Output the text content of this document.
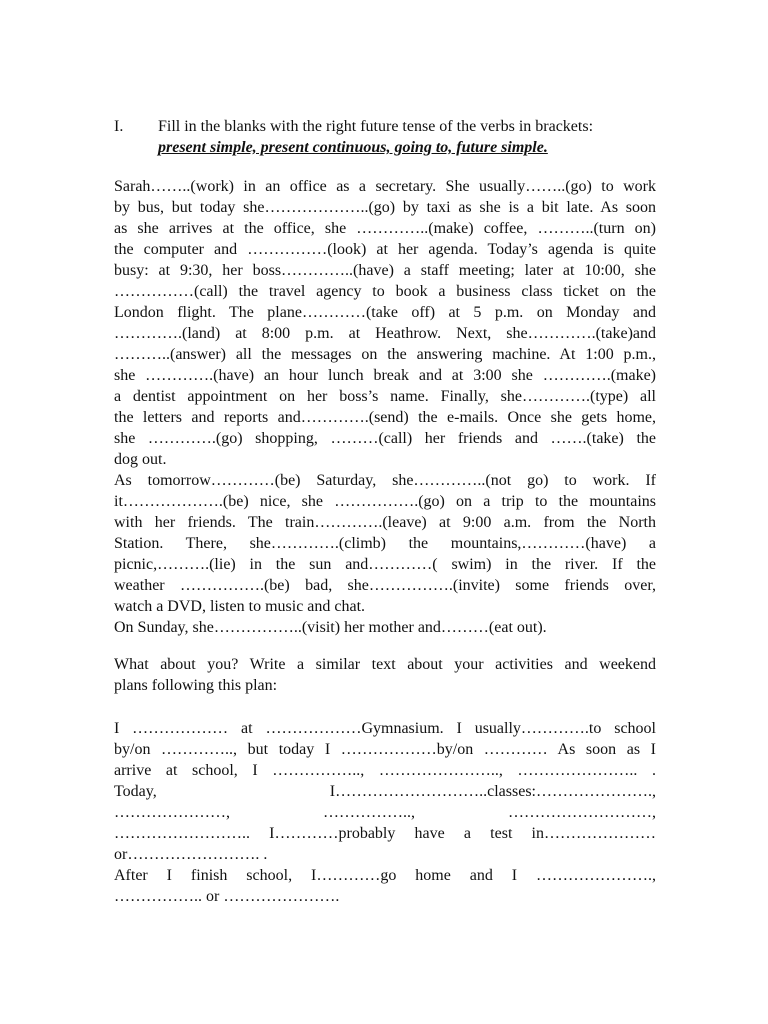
I. Fill in the blanks with the right future tense of the verbs in brackets:
present simple, present continuous, going to, future simple.
Sarah……..(work) in an office as a secretary. She usually……..(go) to work
by bus, but today she………………..(go) by taxi as she is a bit late. As soon
as she arrives at the office, she …………..(make) coffee, ………..(turn on)
the computer and ……………(look) at her agenda. Today’s agenda is quite
busy: at 9:30, her boss…………..(have) a staff meeting; later at 10:00, she
……………(call) the travel agency to book a business class ticket on the
London flight. The plane…………(take off) at 5 p.m. on Monday and
………….(land) at 8:00 p.m. at Heathrow. Next, she………….(take)and
………..(answer) all the messages on the answering machine. At 1:00 p.m.,
she ………….(have) an hour lunch break and at 3:00 she ………….(make)
a dentist appointment on her boss’s name. Finally, she………….(type) all
the letters and reports and………….(send) the e-mails. Once she gets home,
she ………….(go) shopping, ………(call) her friends and …….(take) the
dog out.
As tomorrow…………(be) Saturday, she…………..(not go) to work. If
it……………….(be) nice, she …………….(go) on a trip to the mountains
with her friends. The train………….(leave) at 9:00 a.m. from the North
Station. There, she………….(climb) the mountains,…………(have) a
picnic,……….(lie) in the sun and…………( swim) in the river. If the
weather …………….(be) bad, she…………….(invite) some friends over,
watch a DVD, listen to music and chat.
On Sunday, she……………..(visit) her mother and………(eat out).
What about you? Write a similar text about your activities and weekend
plans following this plan:
I ……………… at ………………Gymnasium. I usually………….to school
by/on ………….., but today I ………………by/on ………… As soon as I
arrive at school, I …………….., ………………….., ………………….. .
Today, I………………………..classes:………………….,
…………………, …………….., ………………………,
…………………….. I…………probably have a test in…………………
or……………………. .
After I finish school, I…………go home and I ………………….,
…………….. or ………………….
